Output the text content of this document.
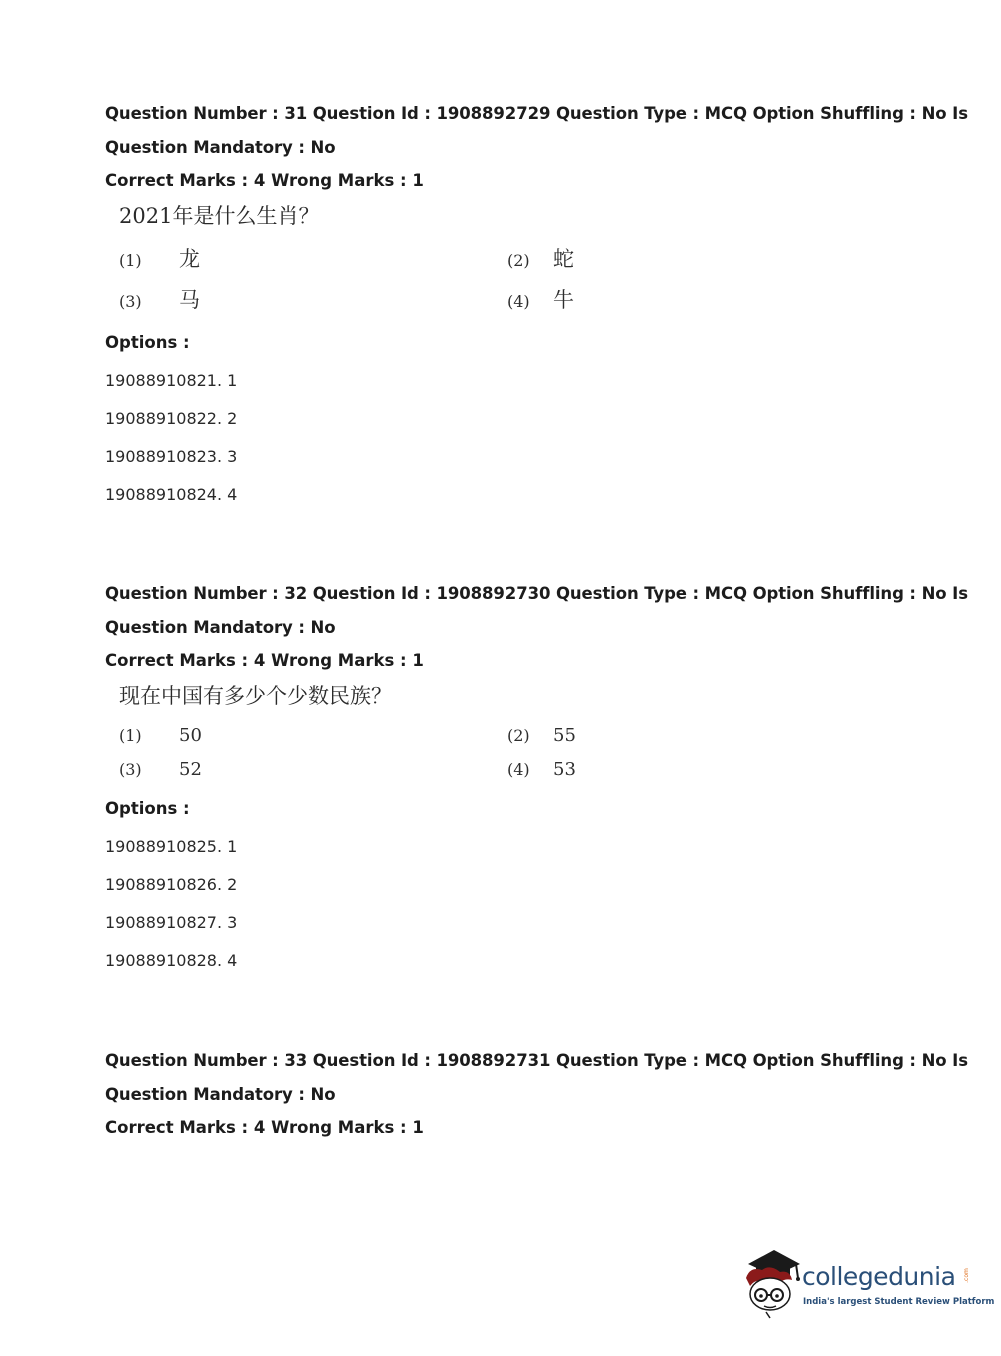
Question Number : 31 Question Id : 1908892729 Question Type : MCQ Option Shuffling : No Is
Question Mandatory : No
Correct Marks : 4 Wrong Marks : 1
2021年是什么生肖？
(1) 龙	(2) 蛇
(3) 马	(4) 牛
Options :
19088910821. 1
19088910822. 2
19088910823. 3
19088910824. 4
Question Number : 32 Question Id : 1908892730 Question Type : MCQ Option Shuffling : No Is
Question Mandatory : No
Correct Marks : 4 Wrong Marks : 1
现在中国有多少个少数民族？
(1) 50	(2) 55
(3) 52	(4) 53
Options :
19088910825. 1
19088910826. 2
19088910827. 3
19088910828. 4
Question Number : 33 Question Id : 1908892731 Question Type : MCQ Option Shuffling : No Is
Question Mandatory : No
Correct Marks : 4 Wrong Marks : 1
collegedunia .com
India's largest Student Review Platform
